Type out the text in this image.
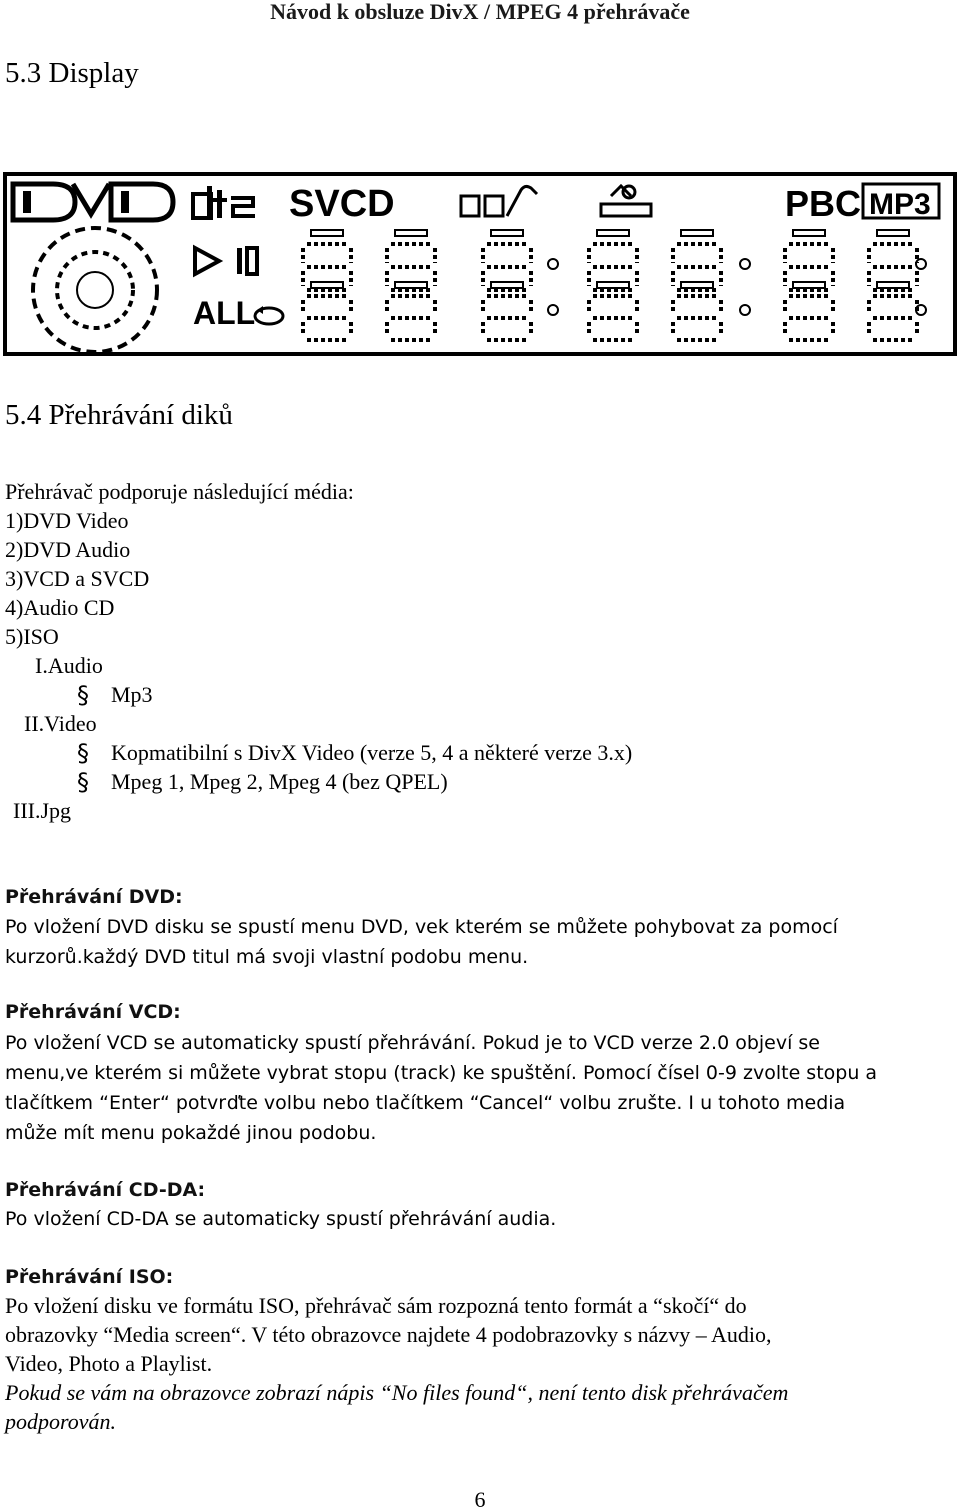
Návod k obsluze DivX / MPEG 4 přehrávače
5.3 Display
SVCD
ALL
PBC MP3
5.4 Přehrávání diků
Přehrávač podporuje následující média:
1)DVD Video
2)DVD Audio
3)VCD a SVCD
4)Audio CD
5)ISO
I.Audio
§
Mp3
II.Video
§
Kopmatibilní s DivX Video (verze 5, 4 a některé verze 3.x)
§
Mpeg 1, Mpeg 2, Mpeg 4 (bez QPEL)
III.Jpg
Přehrávání DVD:
Po vložení DVD disku se spustí menu DVD, vek kterém se můžete pohybovat za pomocí
kurzorů.každý DVD titul má svoji vlastní podobu menu.
Přehrávání VCD:
Po vložení VCD se automaticky spustí přehrávání. Pokud je to VCD verze 2.0 objeví se
menu,ve kterém si můžete vybrat stopu (track) ke spuštění. Pomocí čísel 0-9 zvolte stopu a
tlačítkem “Enter“ potvrďte volbu nebo tlačítkem “Cancel“ volbu zrušte. I u tohoto media
může mít menu pokaždé jinou podobu.
Přehrávání CD-DA:
Po vložení CD-DA se automaticky spustí přehrávání audia.
Přehrávání ISO:
Po vložení disku ve formátu ISO, přehrávač sám rozpozná tento formát a “skočí“ do
obrazovky “Media screen“. V této obrazovce najdete 4 podobrazovky s názvy – Audio,
Video, Photo a Playlist.
Pokud se vám na obrazovce zobrazí nápis “No files found“, není tento disk přehrávačem
podporován.
6
